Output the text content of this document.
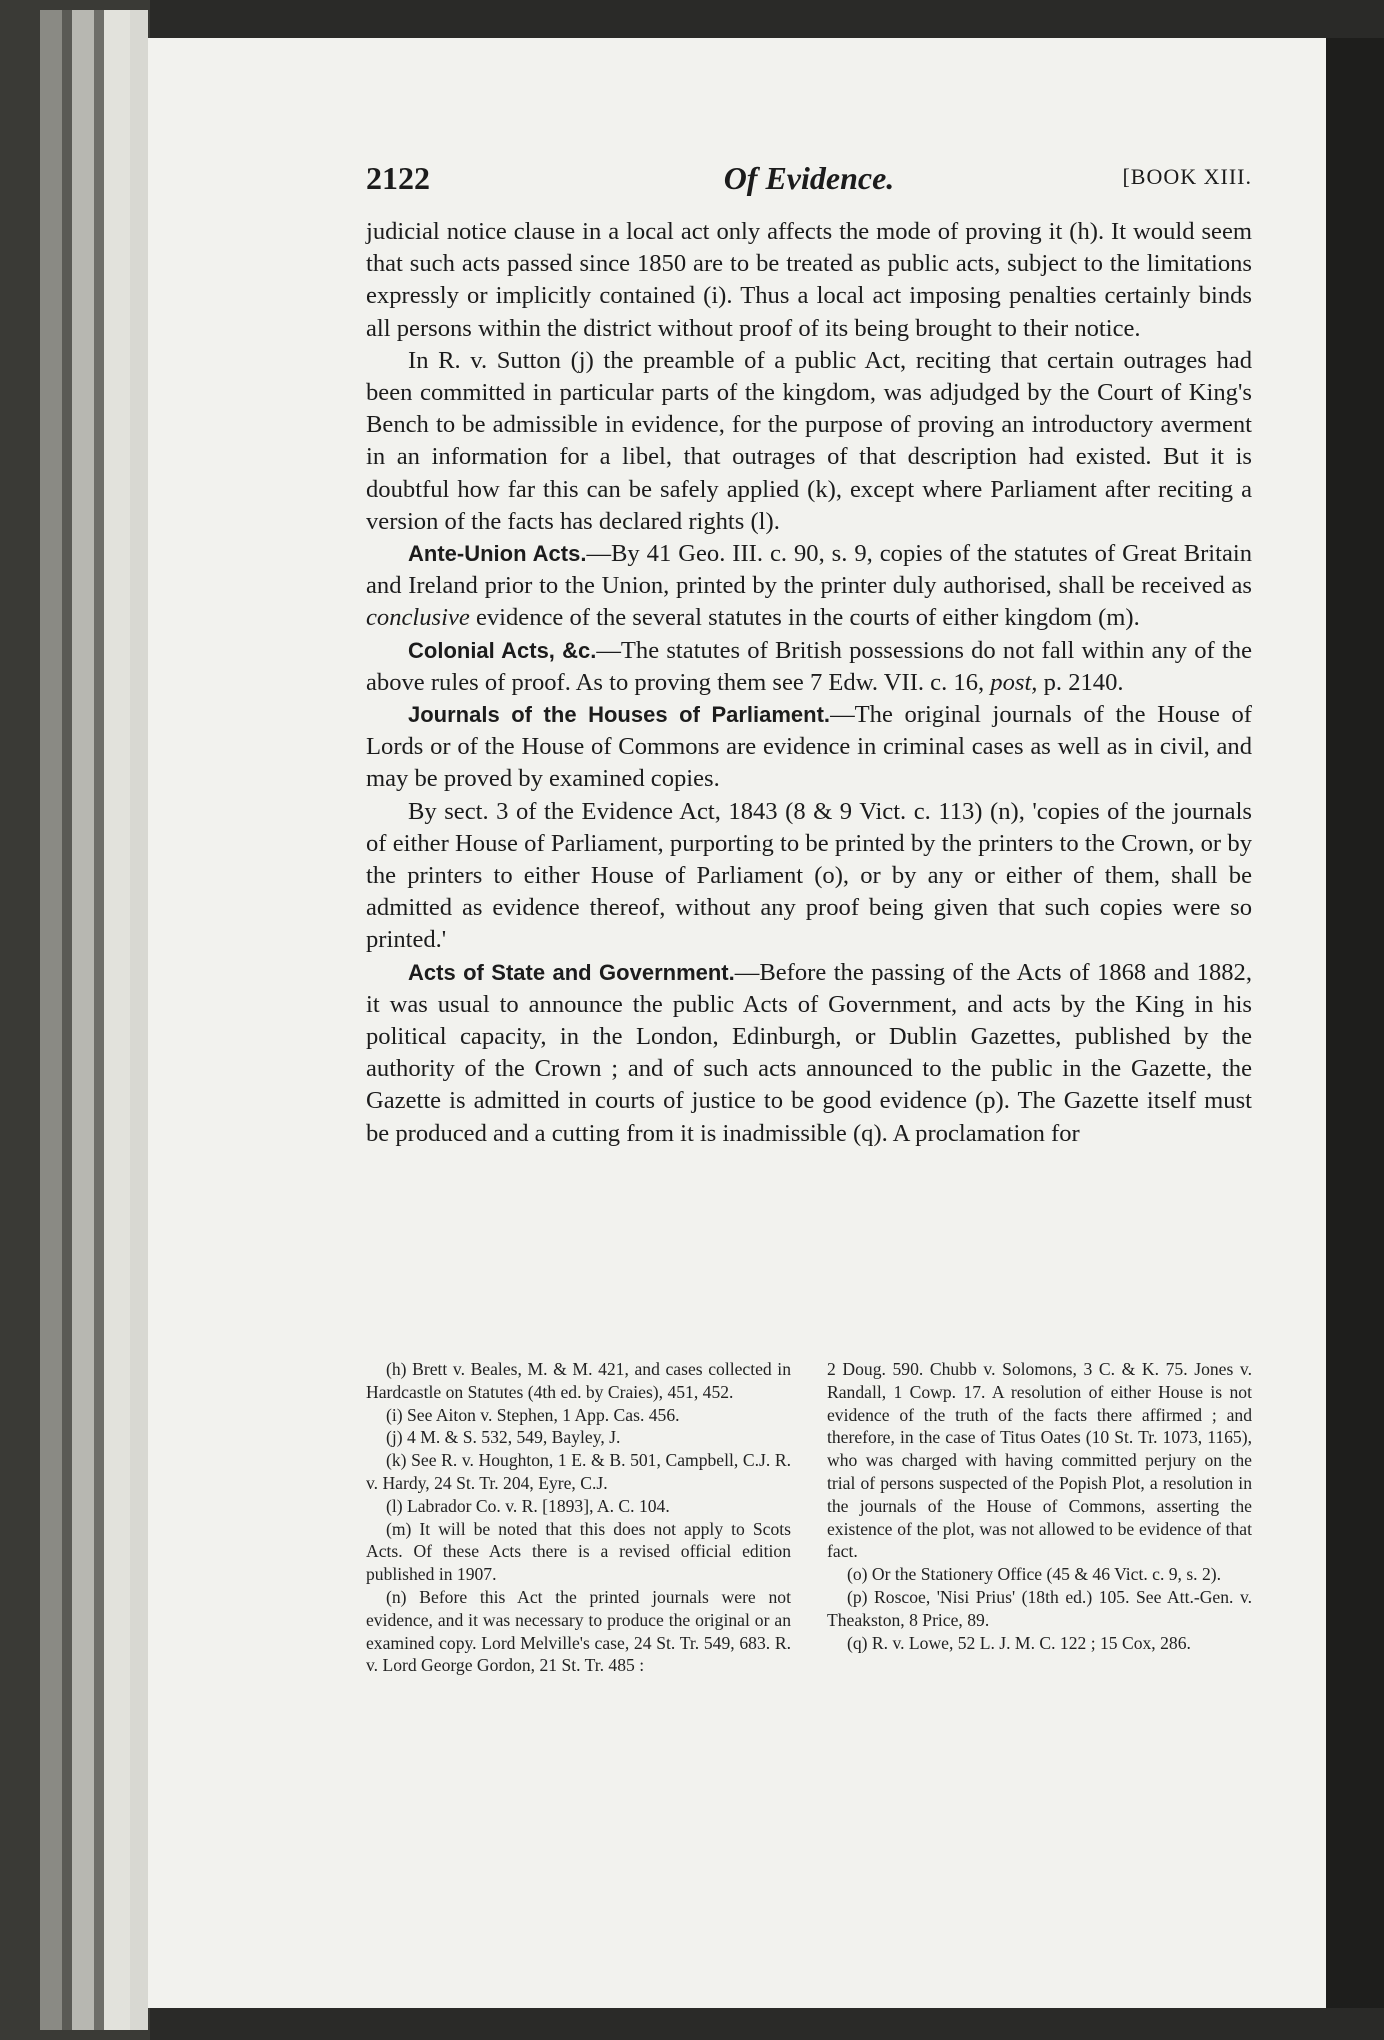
2122	Of Evidence.	[BOOK XIII.

judicial notice clause in a local act only affects the mode of proving it (h). It would seem that such acts passed since 1850 are to be treated as public acts, subject to the limitations expressly or implicitly contained (i). Thus a local act imposing penalties certainly binds all persons within the district without proof of its being brought to their notice.

In R. v. Sutton (j) the preamble of a public Act, reciting that certain outrages had been committed in particular parts of the kingdom, was adjudged by the Court of King's Bench to be admissible in evidence, for the purpose of proving an introductory averment in an information for a libel, that outrages of that description had existed. But it is doubtful how far this can be safely applied (k), except where Parliament after reciting a version of the facts has declared rights (l).

Ante-Union Acts.—By 41 Geo. III. c. 90, s. 9, copies of the statutes of Great Britain and Ireland prior to the Union, printed by the printer duly authorised, shall be received as conclusive evidence of the several statutes in the courts of either kingdom (m).

Colonial Acts, &c.—The statutes of British possessions do not fall within any of the above rules of proof. As to proving them see 7 Edw. VII. c. 16, post, p. 2140.

Journals of the Houses of Parliament.—The original journals of the House of Lords or of the House of Commons are evidence in criminal cases as well as in civil, and may be proved by examined copies.

By sect. 3 of the Evidence Act, 1843 (8 & 9 Vict. c. 113) (n), 'copies of the journals of either House of Parliament, purporting to be printed by the printers to the Crown, or by the printers to either House of Parliament (o), or by any or either of them, shall be admitted as evidence thereof, without any proof being given that such copies were so printed.'

Acts of State and Government.—Before the passing of the Acts of 1868 and 1882, it was usual to announce the public Acts of Government, and acts by the King in his political capacity, in the London, Edinburgh, or Dublin Gazettes, published by the authority of the Crown ; and of such acts announced to the public in the Gazette, the Gazette is admitted in courts of justice to be good evidence (p). The Gazette itself must be produced and a cutting from it is inadmissible (q). A proclamation for

(h) Brett v. Beales, M. & M. 421, and cases collected in Hardcastle on Statutes (4th ed. by Craies), 451, 452.

(i) See Aiton v. Stephen, 1 App. Cas. 456.

(j) 4 M. & S. 532, 549, Bayley, J.

(k) See R. v. Houghton, 1 E. & B. 501, Campbell, C.J. R. v. Hardy, 24 St. Tr. 204, Eyre, C.J.

(l) Labrador Co. v. R. [1893], A. C. 104.

(m) It will be noted that this does not apply to Scots Acts. Of these Acts there is a revised official edition published in 1907.

(n) Before this Act the printed journals were not evidence, and it was necessary to produce the original or an examined copy. Lord Melville's case, 24 St. Tr. 549, 683. R. v. Lord George Gordon, 21 St. Tr. 485 :

2 Doug. 590. Chubb v. Solomons, 3 C. & K. 75. Jones v. Randall, 1 Cowp. 17. A resolution of either House is not evidence of the truth of the facts there affirmed ; and therefore, in the case of Titus Oates (10 St. Tr. 1073, 1165), who was charged with having committed perjury on the trial of persons suspected of the Popish Plot, a resolution in the journals of the House of Commons, asserting the existence of the plot, was not allowed to be evidence of that fact.

(o) Or the Stationery Office (45 & 46 Vict. c. 9, s. 2).

(p) Roscoe, 'Nisi Prius' (18th ed.) 105. See Att.-Gen. v. Theakston, 8 Price, 89.

(q) R. v. Lowe, 52 L. J. M. C. 122 ; 15 Cox, 286.
